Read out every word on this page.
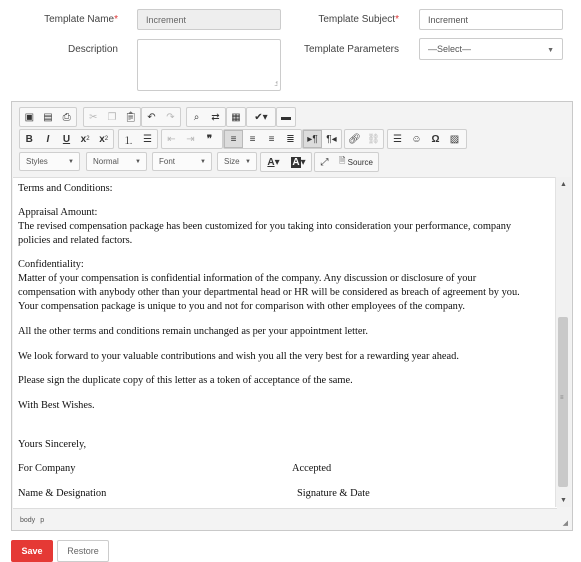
Template Name*	Increment	Template Subject*	Increment
Description
.:!
Template Parameters	—Select—	▼
▣ ▤ ⎙	✂ ❐ 📋︎	↶	↷	⌕	⇄	▦	✔▾	▬
B I U x 2 x 2	⒈ ☰	⇤	⇥	❞	≡	≡	≡	≣	▸¶ ¶◂	🔗︎ ⛓︎	☰ ☺ Ω	▨
Styles	▼ Normal	▼ Font	▼ Size ▼ A ▾	A ▾	⤢	🗎︎ Source

Terms and Conditions:

Appraisal Amount:

The revised compensation package has been customized for you taking into consideration your performance, company

policies and related factors.

Confidentiality:

Matter of your compensation is confidential information of the company. Any discussion or disclosure of your

compensation with anybody other than your departmental head or HR will be considered as breach of agreement by you.

Your compensation package is unique to you and not for comparison with other employees of the company.

All the other terms and conditions remain unchanged as per your appointment letter.

We look forward to your valuable contributions and wish you all the very best for a rewarding year ahead.

Please sign the duplicate copy of this letter as a token of acceptance of the same.

With Best Wishes.

Yours Sincerely,

For Company	Accepted

Name & Designation	Signature & Date

▲
≡
▼
body p	◢
Save	Restore
